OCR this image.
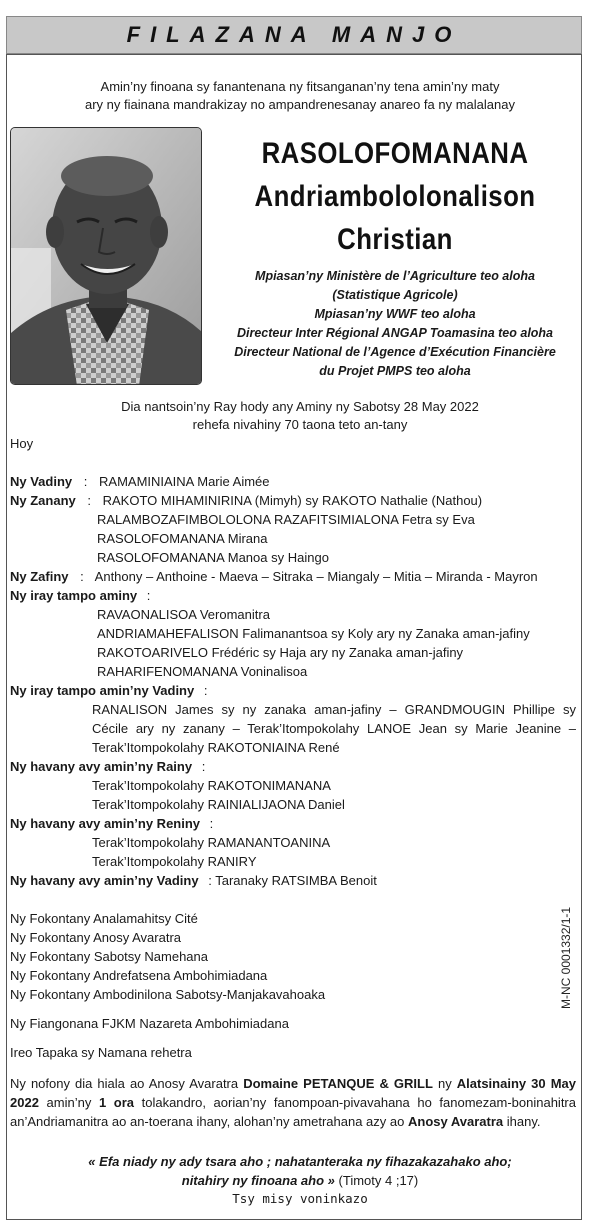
FILAZANA MANJO
Amin’ny finoana sy fanantenana ny fitsanganan’ny tena amin’ny maty
ary ny fiainana mandrakizay no ampandrenesanay anareo fa ny malalanay
RASOLOFOMANANA
Andriambololonalison
Christian
Mpiasan’ny Ministère de l’Agriculture teo aloha
(Statistique Agricole)
Mpiasan’ny WWF teo aloha
Directeur Inter Régional ANGAP Toamasina teo aloha
Directeur National de l’Agence d’Exécution Financière
du Projet PMPS teo aloha
Dia nantsoin’ny Ray hody any Aminy ny Sabotsy 28 May 2022
rehefa nivahiny 70 taona teto an-tany
Hoy
Ny Vadiny : RAMAMINIAINA Marie Aimée
Ny Zanany : RAKOTO MIHAMINIRINA (Mimyh) sy RAKOTO Nathalie (Nathou)
RALAMBOZAFIMBOLOLONA RAZAFITSIMIALONA Fetra sy Eva
RASOLOFOMANANA Mirana
RASOLOFOMANANA Manoa sy Haingo
Ny Zafiny : Anthony – Anthoine - Maeva – Sitraka – Miangaly – Mitia – Miranda - Mayron
Ny iray tampo aminy :
RAVAONALISOA Veromanitra
ANDRIAMAHEFALISON Falimanantsoa sy Koly ary ny Zanaka aman-jafiny
RAKOTOARIVELO Frédéric sy Haja ary ny Zanaka aman-jafiny
RAHARIFENOMANANA Voninalisoa
Ny iray tampo amin’ny Vadiny :
RANALISON James sy ny zanaka aman-jafiny – GRANDMOUGIN Phillipe sy Cécile ary ny zanany – Terak’Itompokolahy LANOE Jean sy Marie Jeanine – Terak’Itompokolahy RAKOTONIAINA René
Ny havany avy amin’ny Rainy :
Terak’Itompokolahy RAKOTONIMANANA
Terak’Itompokolahy RAINIALIJAONA Daniel
Ny havany avy amin’ny Reniny :
Terak’Itompokolahy RAMANANTOANINA
Terak’Itompokolahy RANIRY
Ny havany avy amin’ny Vadiny : Taranaky RATSIMBA Benoit
Ny Fokontany Analamahitsy Cité
Ny Fokontany Anosy Avaratra
Ny Fokontany Sabotsy Namehana
Ny Fokontany Andrefatsena Ambohimiadana
Ny Fokontany Ambodinilona Sabotsy-Manjakavahoaka
Ny Fiangonana FJKM Nazareta Ambohimiadana
Ireo Tapaka sy Namana rehetra
M-NC 0001332/1-1
Ny nofony dia hiala ao Anosy Avaratra Domaine PETANQUE & GRILL ny Alatsinainy 30 May 2022 amin’ny 1 ora tolakandro, aorian’ny fanompoan-pivavahana ho fanomezam-boninahitra an’Andriamanitra ao an-toerana ihany, alohan’ny ametrahana azy ao Anosy Avaratra ihany.
« Efa niady ny ady tsara aho ; nahatanteraka ny fihazakazahako aho;
nitahiry ny finoana aho » (Timoty 4 ;17)
Tsy misy voninkazo
